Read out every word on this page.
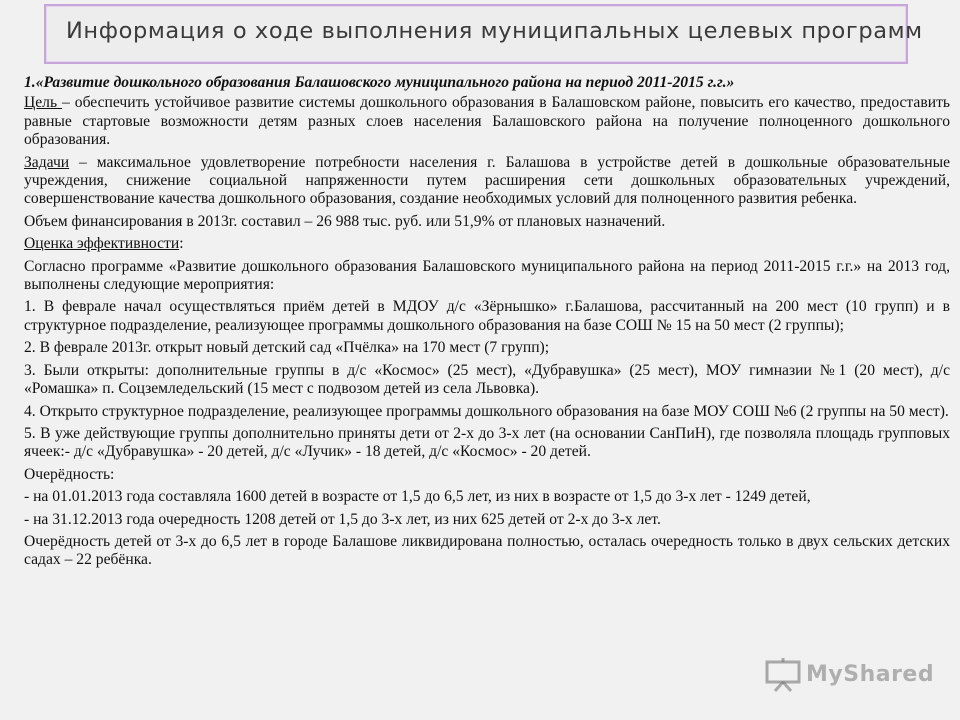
Информация о ходе выполнения муниципальных целевых программ

1.«Развитие дошкольного образования Балашовского муниципального района на период 2011-2015 г.г.»

Цель – обеспечить устойчивое развитие системы дошкольного образования в Балашовском районе, повысить его качество, предоставить равные стартовые возможности детям разных слоев населения Балашовского района на получение полноценного дошкольного образования.

Задачи – максимальное удовлетворение потребности населения г. Балашова в устройстве детей в дошкольные образовательные учреждения, снижение социальной напряженности путем расширения сети дошкольных образовательных учреждений, совершенствование качества дошкольного образования, создание необходимых условий для полноценного развития ребенка.

Объем финансирования в 2013г. составил – 26 988 тыс. руб. или 51,9% от плановых назначений.

Оценка эффективности:

Согласно программе «Развитие дошкольного образования Балашовского муниципального района на период 2011-2015 г.г.» на 2013 год, выполнены следующие мероприятия:

1. В феврале начал осуществляться приём детей в МДОУ д/с «Зёрнышко» г.Балашова, рассчитанный на 200 мест (10 групп) и в структурное подразделение, реализующее программы дошкольного образования на базе СОШ № 15 на 50 мест (2 группы);

2. В феврале 2013г. открыт новый детский сад «Пчёлка» на 170 мест (7 групп);

3. Были открыты: дополнительные группы в д/с «Космос» (25 мест), «Дубравушка» (25 мест), МОУ гимназии №1 (20 мест), д/с «Ромашка» п. Соцземледельский (15 мест с подвозом детей из села Львовка).

4. Открыто структурное подразделение, реализующее программы дошкольного образования на базе МОУ СОШ №6 (2 группы на 50 мест).

5. В уже действующие группы дополнительно приняты дети от 2-х до 3-х лет (на основании СанПиН), где позволяла площадь групповых ячеек:- д/с «Дубравушка» - 20 детей, д/с «Лучик» - 18 детей, д/с «Космос» - 20 детей.

Очерёдность:

- на 01.01.2013 года составляла 1600 детей в возрасте от 1,5 до 6,5 лет, из них в возрасте от 1,5 до 3-х лет - 1249 детей,

- на 31.12.2013 года очередность 1208 детей от 1,5 до 3-х лет, из них 625 детей от 2-х до 3-х лет.

Очерёдность детей от 3-х до 6,5 лет в городе Балашове ликвидирована полностью, осталась очередность только в двух сельских детских садах – 22 ребёнка.

MyShared
